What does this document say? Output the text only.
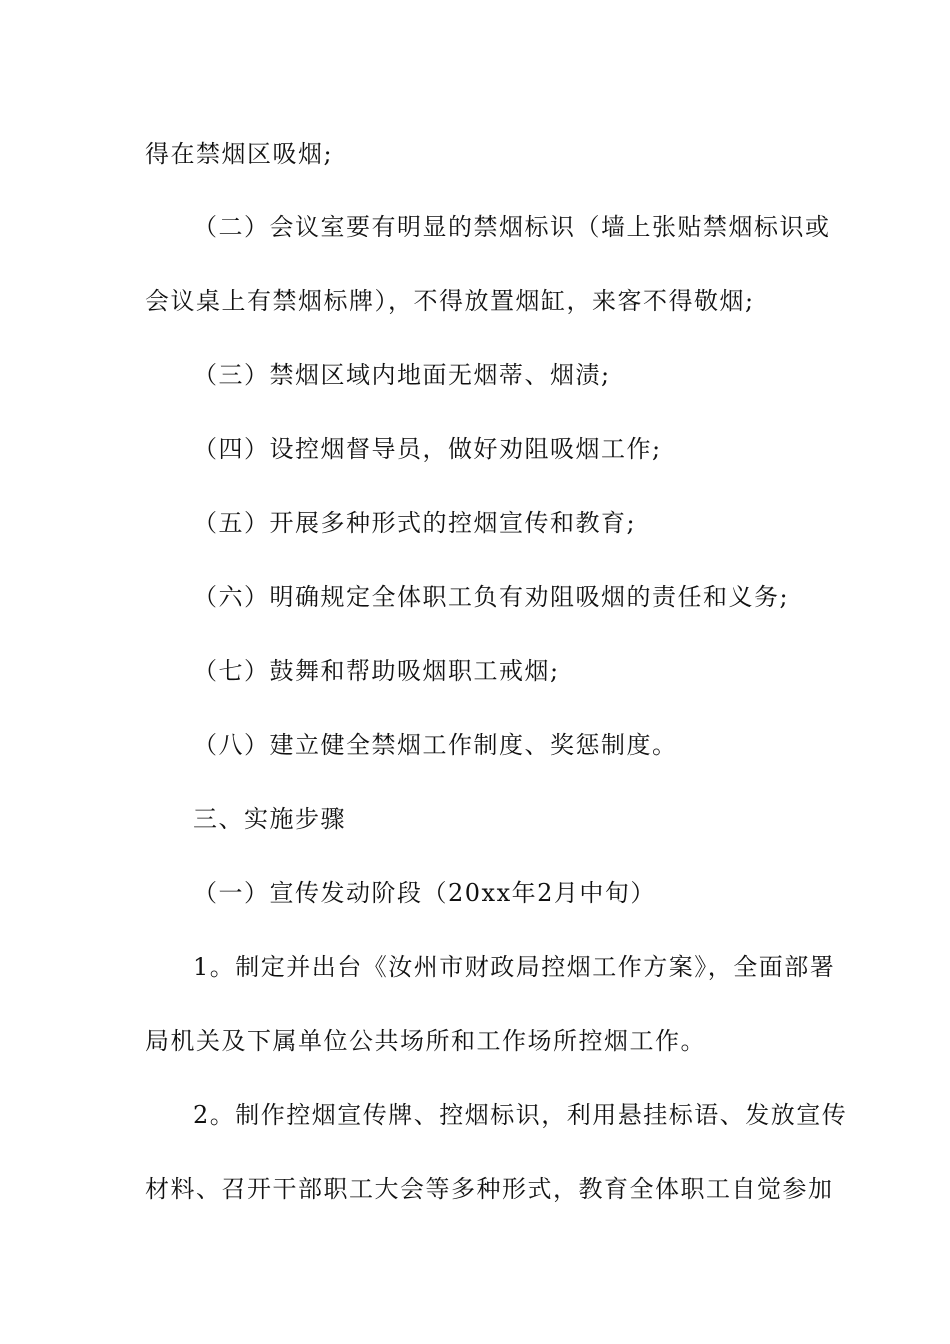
得在禁烟区吸烟;
（二）会议室要有明显的禁烟标识（墙上张贴禁烟标识或
会议桌上有禁烟标牌），不得放置烟缸，来客不得敬烟;
（三）禁烟区域内地面无烟蒂、烟渍;
（四）设控烟督导员，做好劝阻吸烟工作;
（五）开展多种形式的控烟宣传和教育;
（六）明确规定全体职工负有劝阻吸烟的责任和义务;
（七）鼓舞和帮助吸烟职工戒烟;
（八）建立健全禁烟工作制度、奖惩制度。
三、实施步骤
（一）宣传发动阶段（20xx年2月中旬）
1。制定并出台《汝州市财政局控烟工作方案》，全面部署
局机关及下属单位公共场所和工作场所控烟工作。
2。制作控烟宣传牌、控烟标识，利用悬挂标语、发放宣传
材料、召开干部职工大会等多种形式，教育全体职工自觉参加
